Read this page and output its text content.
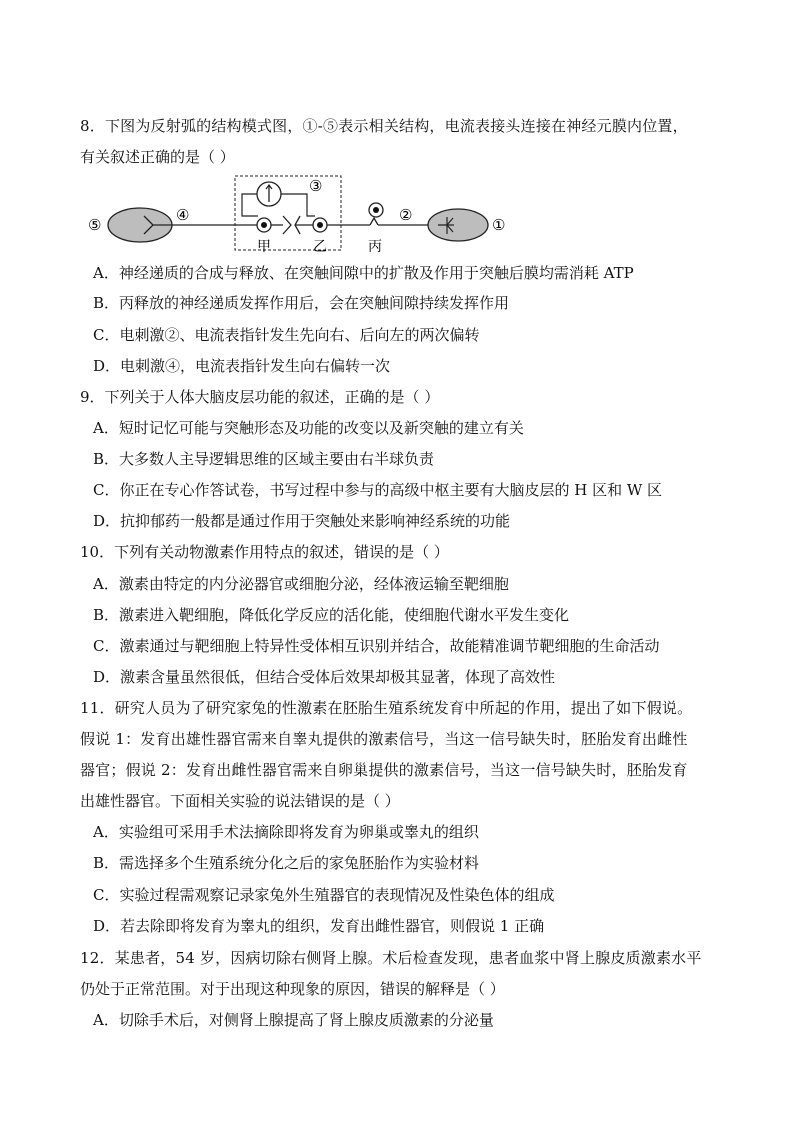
8．下图为反射弧的结构模式图，①-⑤表示相关结构，电流表接头连接在神经元膜内位置，
有关叙述正确的是（ ）
⑤
④
③
②
①
甲	乙	丙
A．神经递质的合成与释放、在突触间隙中的扩散及作用于突触后膜均需消耗 ATP
B．丙释放的神经递质发挥作用后，会在突触间隙持续发挥作用
C．电刺激②、电流表指针发生先向右、后向左的两次偏转
D．电刺激④，电流表指针发生向右偏转一次
9．下列关于人体大脑皮层功能的叙述，正确的是（ ）
A．短时记忆可能与突触形态及功能的改变以及新突触的建立有关
B．大多数人主导逻辑思维的区域主要由右半球负责
C．你正在专心作答试卷，书写过程中参与的高级中枢主要有大脑皮层的 H 区和 W 区
D．抗抑郁药一般都是通过作用于突触处来影响神经系统的功能
10．下列有关动物激素作用特点的叙述，错误的是（ ）
A．激素由特定的内分泌器官或细胞分泌，经体液运输至靶细胞
B．激素进入靶细胞，降低化学反应的活化能，使细胞代谢水平发生变化
C．激素通过与靶细胞上特异性受体相互识别并结合，故能精准调节靶细胞的生命活动
D．激素含量虽然很低，但结合受体后效果却极其显著，体现了高效性
11．研究人员为了研究家兔的性激素在胚胎生殖系统发育中所起的作用，提出了如下假说。
假说 1：发育出雄性器官需来自睾丸提供的激素信号，当这一信号缺失时，胚胎发育出雌性
器官；假说 2：发育出雌性器官需来自卵巢提供的激素信号，当这一信号缺失时，胚胎发育
出雄性器官。下面相关实验的说法错误的是（ ）
A．实验组可采用手术法摘除即将发育为卵巢或睾丸的组织
B．需选择多个生殖系统分化之后的家兔胚胎作为实验材料
C．实验过程需观察记录家兔外生殖器官的表现情况及性染色体的组成
D．若去除即将发育为睾丸的组织，发育出雌性器官，则假说 1 正确
12．某患者，54 岁，因病切除右侧肾上腺。术后检查发现，患者血浆中肾上腺皮质激素水平
仍处于正常范围。对于出现这种现象的原因，错误的解释是（ ）
A．切除手术后，对侧肾上腺提高了肾上腺皮质激素的分泌量
